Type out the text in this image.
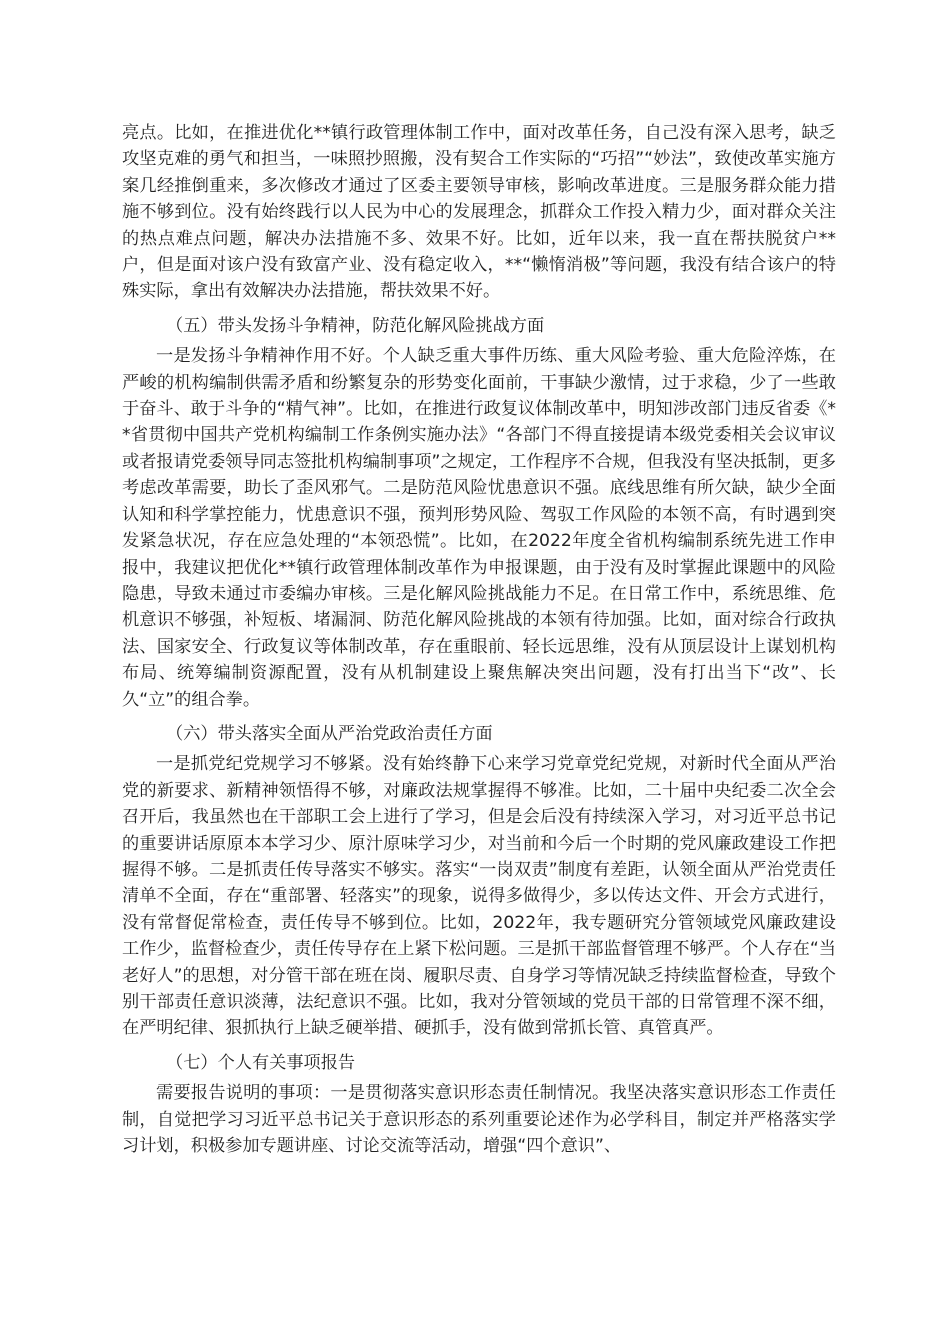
亮点。比如，在推进优化**镇行政管理体制工作中，面对改革任务，自己没有深入思考，缺乏攻坚克难的勇气和担当，一味照抄照搬，没有契合工作实际的“巧招”“妙法”，致使改革实施方案几经推倒重来，多次修改才通过了区委主要领导审核，影响改革进度。三是服务群众能力措施不够到位。没有始终践行以人民为中心的发展理念，抓群众工作投入精力少，面对群众关注的热点难点问题，解决办法措施不多、效果不好。比如，近年以来，我一直在帮扶脱贫户**户，但是面对该户没有致富产业、没有稳定收入，**“懒惰消极”等问题，我没有结合该户的特殊实际，拿出有效解决办法措施，帮扶效果不好。

（五）带头发扬斗争精神，防范化解风险挑战方面

一是发扬斗争精神作用不好。个人缺乏重大事件历练、重大风险考验、重大危险淬炼，在严峻的机构编制供需矛盾和纷繁复杂的形势变化面前，干事缺少激情，过于求稳，少了一些敢于奋斗、敢于斗争的“精气神”。比如，在推进行政复议体制改革中，明知涉改部门违反省委《**省贯彻中国共产党机构编制工作条例实施办法》“各部门不得直接提请本级党委相关会议审议或者报请党委领导同志签批机构编制事项”之规定，工作程序不合规，但我没有坚决抵制，更多考虑改革需要，助长了歪风邪气。二是防范风险忧患意识不强。底线思维有所欠缺，缺少全面认知和科学掌控能力，忧患意识不强，预判形势风险、驾驭工作风险的本领不高，有时遇到突发紧急状况，存在应急处理的“本领恐慌”。比如，在2022年度全省机构编制系统先进工作申报中，我建议把优化**镇行政管理体制改革作为申报课题，由于没有及时掌握此课题中的风险隐患，导致未通过市委编办审核。三是化解风险挑战能力不足。在日常工作中，系统思维、危机意识不够强，补短板、堵漏洞、防范化解风险挑战的本领有待加强。比如，面对综合行政执法、国家安全、行政复议等体制改革，存在重眼前、轻长远思维，没有从顶层设计上谋划机构布局、统筹编制资源配置，没有从机制建设上聚焦解决突出问题，没有打出当下“改”、长久“立”的组合拳。

（六）带头落实全面从严治党政治责任方面

一是抓党纪党规学习不够紧。没有始终静下心来学习党章党纪党规，对新时代全面从严治党的新要求、新精神领悟得不够，对廉政法规掌握得不够准。比如，二十届中央纪委二次全会召开后，我虽然也在干部职工会上进行了学习，但是会后没有持续深入学习，对习近平总书记的重要讲话原原本本学习少、原汁原味学习少，对当前和今后一个时期的党风廉政建设工作把握得不够。二是抓责任传导落实不够实。落实“一岗双责”制度有差距，认领全面从严治党责任清单不全面，存在“重部署、轻落实”的现象，说得多做得少，多以传达文件、开会方式进行，没有常督促常检查，责任传导不够到位。比如，2022年，我专题研究分管领域党风廉政建设工作少，监督检查少，责任传导存在上紧下松问题。三是抓干部监督管理不够严。个人存在“当老好人”的思想，对分管干部在班在岗、履职尽责、自身学习等情况缺乏持续监督检查，导致个别干部责任意识淡薄，法纪意识不强。比如，我对分管领域的党员干部的日常管理不深不细，在严明纪律、狠抓执行上缺乏硬举措、硬抓手，没有做到常抓长管、真管真严。

（七）个人有关事项报告

需要报告说明的事项：一是贯彻落实意识形态责任制情况。我坚决落实意识形态工作责任制，自觉把学习习近平总书记关于意识形态的系列重要论述作为必学科目，制定并严格落实学习计划，积极参加专题讲座、讨论交流等活动，增强“四个意识”、
